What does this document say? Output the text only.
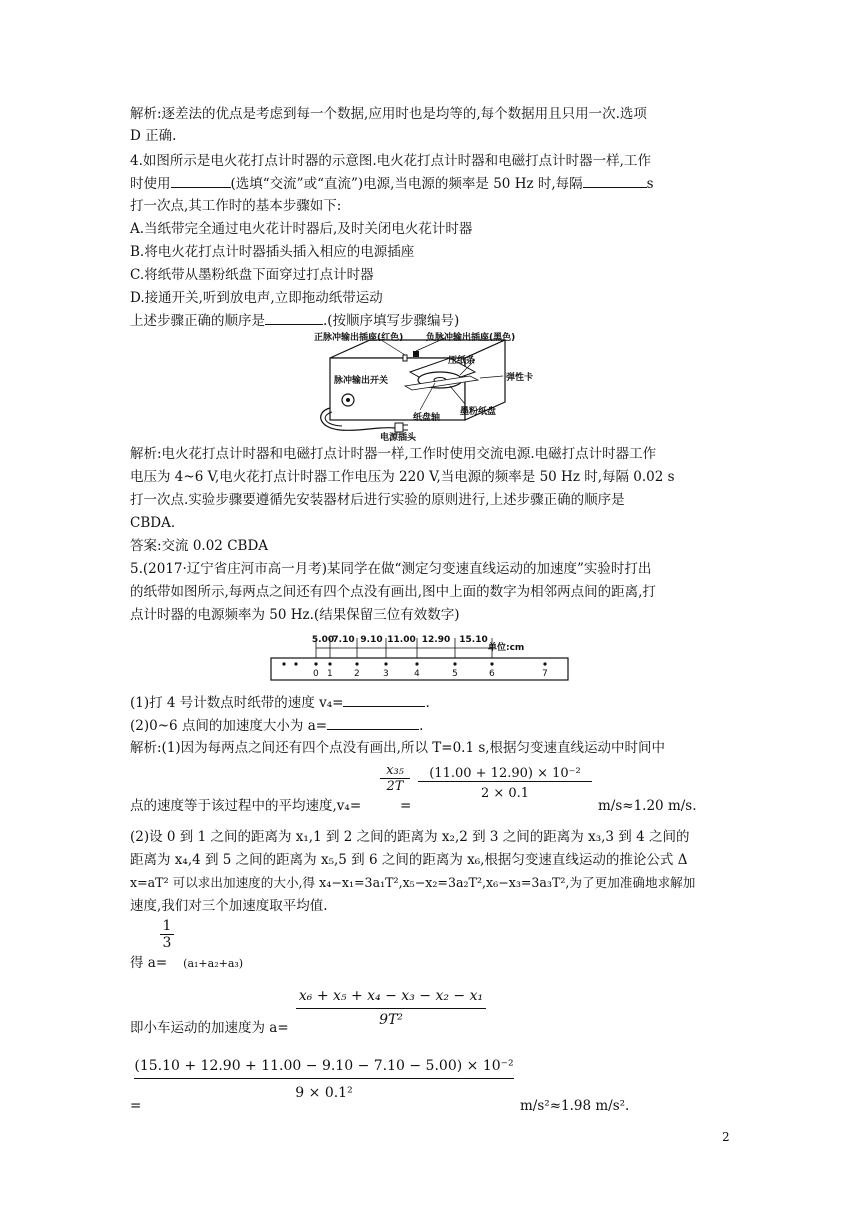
解析:逐差法的优点是考虑到每一个数据,应用时也是均等的,每个数据用且只用一次.选项
D 正确.
4.如图所示是电火花打点计时器的示意图.电火花打点计时器和电磁打点计时器一样,工作
时使用	(选填“交流”或“直流”)电源,当电源的频率是 50 Hz 时,每隔	s
打一次点,其工作时的基本步骤如下:
A.当纸带完全通过电火花计时器后,及时关闭电火花计时器
B.将电火花打点计时器插头插入相应的电源插座
C.将纸带从墨粉纸盘下面穿过打点计时器
D.接通开关,听到放电声,立即拖动纸带运动
上述步骤正确的顺序是	.(按顺序填写步骤编号)
正脉冲输出插座(红色)	负脉冲输出插座(黑色)
压纸条
弹性卡
脉冲输出开关
纸盘轴
墨粉纸盘
电源插头
解析:电火花打点计时器和电磁打点计时器一样,工作时使用交流电源.电磁打点计时器工作
电压为 4~6 V,电火花打点计时器工作电压为 220 V,当电源的频率是 50 Hz 时,每隔 0.02 s
打一次点.实验步骤要遵循先安装器材后进行实验的原则进行,上述步骤正确的顺序是
CBDA.
答案:交流 0.02 CBDA
5.(2017·辽宁省庄河市高一月考)某同学在做“测定匀变速直线运动的加速度”实验时打出
的纸带如图所示,每两点之间还有四个点没有画出,图中上面的数字为相邻两点间的距离,打
点计时器的电源频率为 50 Hz.(结果保留三位有效数字)
0 1 2	3	4	5	6	7
5.00
7.10 9.10 11.00 12.90 15.10
单位:cm
(1)打 4 号计数点时纸带的速度 v₄=	.
(2)0~6 点间的加速度大小为 a=	.
解析:(1)因为每两点之间还有四个点没有画出,所以 T=0.1 s,根据匀变速直线运动中时间中
x₃₅
2T
(11.00 + 12.90) × 10⁻²
2 × 0.1
点的速度等于该过程中的平均速度,v₄=	=	m/s≈1.20 m/s.
(2)设 0 到 1 之间的距离为 x₁,1 到 2 之间的距离为 x₂,2 到 3 之间的距离为 x₃,3 到 4 之间的
距离为 x₄,4 到 5 之间的距离为 x₅,5 到 6 之间的距离为 x₆,根据匀变速直线运动的推论公式 Δ
x=aT² 可以求出加速度的大小,得 x₄−x₁=3a₁T²,x₅−x₂=3a₂T²,x₆−x₃=3a₃T²,为了更加准确地求解加
速度,我们对三个加速度取平均值.
$\frac{1}{3}$
得 a= (a₁+a₂+a₃)
x₆ + x₅ + x₄ − x₃ − x₂ − x₁
9T²
即小车运动的加速度为 a=
(15.10 + 12.90 + 11.00 − 9.10 − 7.10 − 5.00) × 10⁻²
9 × 0.1²
=	m/s²≈1.98 m/s².
2
